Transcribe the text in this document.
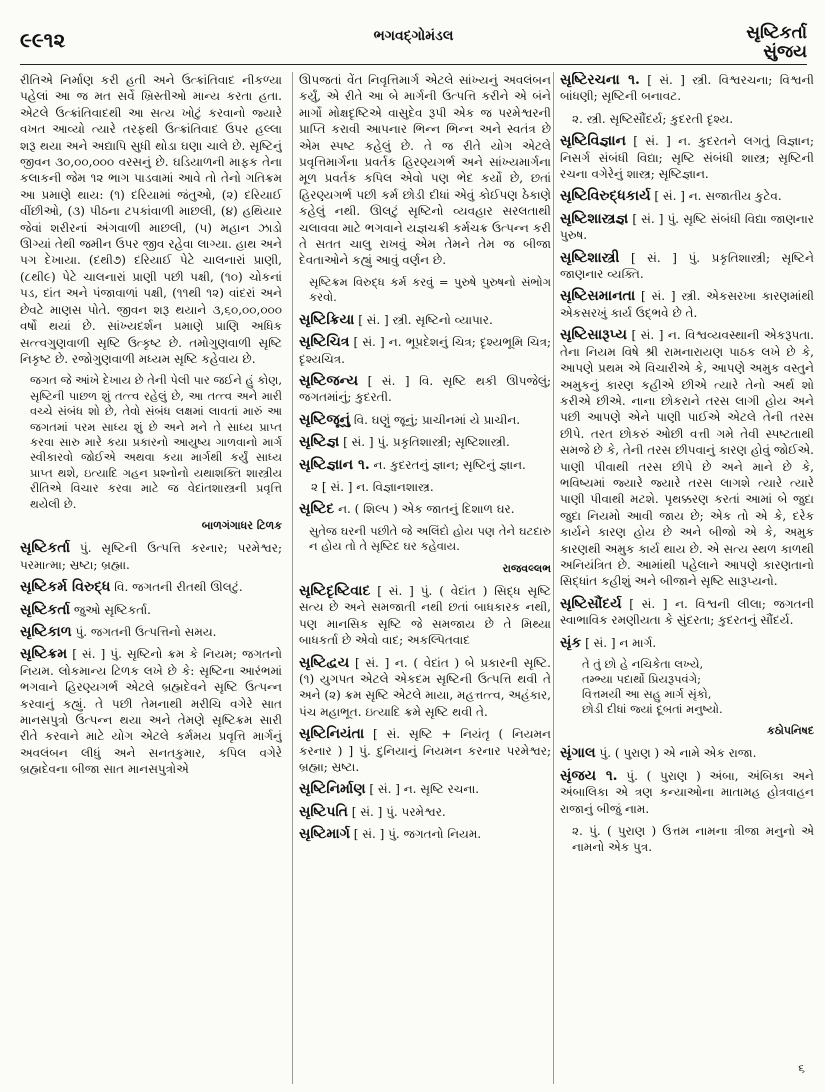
૯૯૧૨	ભગવદ્ગોમંડલ	સૃષ્ટિકર્તા
સુંજય

રીતિએ નિર્માણ કરી હતી અને ઉત્ક્રાંતિવાદ નીકળ્યા પહેલાં આ જ મત સર્વે ખ્રિસ્તીઓ માન્ય કરતા હતા. એટલે ઉત્ક્રાંતિવાદથી આ સત્ય ખોટું કરવાનો જ્યારે વખત આવ્યો ત્યારે તરફથી ઉત્ક્રાંતિવાદ ઉપર હલ્લા શરૂ થયા અને અદ્યાપિ સુધી થોડા ઘણા ચાલે છે. સૃષ્ટિનું જીવન ૩૦,૦૦,૦૦૦ વરસનું છે. ઘડિયાળની માફક તેના કલાકની જેમ ૧૨ ભાગ પાડવામાં આવે તો તેનો ગતિક્રમ આ પ્રમાણે થાય: (૧) દરિયામાં જંતુઓ, (૨) દરિયાઈ વીંછીઓ, (૩) પીઠના ટપકાંવાળી માછલી, (૪) હથિયાર જેવાં શરીરનાં અંગવાળી માછલી, (૫) મહાન ઝાડો ઊગ્યાં તેથી જમીન ઉપર જીવ રહેવા લાગ્યા. હાથ અને પગ દેખાયા. (દથી૭) દરિયાઈ પેટે ચાલનારાં પ્રાણી, (૮થી૯) પેટે ચાલનારાં પ્રાણી પછી પક્ષી, (૧૦) ચોકનાં પડ, દાંત અને પંજાવાળાં પક્ષી, (૧૧થી ૧૨) વાંદરાં અને છેવટે માણસ પોતે. જીવન શરૂ થયાને ૩,૬૦,૦૦,૦૦૦ વર્ષો થયાં છે. સાંખ્યદર્શન પ્રમાણે પ્રાણિ અધિક સત્ત્વગુણવાળી સૃષ્ટિ ઉત્કૃષ્ટ છે. તમોગુણવાળી સૃષ્ટિ નિકૃષ્ટ છે. રજોગુણવાળી મધ્યમ સૃષ્ટિ કહેવાય છે.

જગત જે આંખે દેખાય છે તેની પેલી પાર જઈને હું કોણ, સૃષ્ટિની પાછળ શું તત્ત્વ રહેલું છે, આ તત્ત્વ અને મારી વચ્ચે સંબંધ શો છે, તેવો સંબંધ લક્ષમાં લાવતાં મારું આ જગતમાં પરમ સાધ્ય શું છે અને મને તે સાધ્ય પ્રાપ્ત કરવા સારુ મારે કયા પ્રકારનો આયુષ્ય ગાળવાનો માર્ગ સ્વીકારવો જોઈએ અથવા કયા માર્ગથી કર્યું સાધ્ય પ્રાપ્ત થશે, ઇત્યાદિ ગહન પ્રશ્નોનો યથાશક્તિ શાસ્ત્રીય રીતિએ વિચાર કરવા માટે જ વેદાંતશાસ્ત્રની પ્રવૃત્તિ થયેલી છે.

બાળગંગાધર ટિળક

સૃષ્ટિકર્તા પું. સૃષ્ટિની ઉત્પત્તિ કરનાર; પરમેશ્વર; પરમાત્મા; સ્રષ્ટા; બ્રહ્મા.

સૃષ્ટિકર્મ વિરુદ્ધ વિ. જગતની રીતથી ઊલટું.

સૃષ્ટિકર્તા જુઓ સૃષ્ટિકર્તા.

સૃષ્ટિકાળ પું. જગતની ઉત્પત્તિનો સમય.

સૃષ્ટિક્રમ [ સં. ] પું. સૃષ્ટિનો ક્રમ કે નિયમ; જગતનો નિયમ. લોકમાન્ય ટિળક લખે છે કે: સૃષ્ટિના આરંભમાં ભગવાને હિરણ્યગર્ભ એટલે બ્રહ્મદેવને સૃષ્ટિ ઉત્પન્ન કરવાનું કહ્યું. તે પછી તેમનાથી મરીચિ વગેરે સાત માનસપુત્રો ઉત્પન્ન થયા અને તેમણે સૃષ્ટિક્રમ સારી રીતે કરવાને માટે યોગ એટલે કર્મમય પ્રવૃત્તિ માર્ગનું અવલંબન લીધું અને સનતકુમાર, કપિલ વગેરે બ્રહ્મદેવના બીજા સાત માનસપુત્રોએ

ઊપજતાં વેંત નિવૃત્તિમાર્ગ એટલે સાંખ્યનું અવલંબન કર્યું, એ રીતે આ બે માર્ગની ઉત્પત્તિ કરીને એ બંને માર્ગો મોક્ષદૃષ્ટિએ વાસુદેવ રૂપી એક જ પરમેશ્વરની પ્રાપ્તિ કરાવી આપનાર ભિન્ન ભિન્ન અને સ્વતંત્ર છે એમ સ્પષ્ટ કહેલું છે. તે જ રીતે યોગ એટલે પ્રવૃત્તિમાર્ગના પ્રવર્તક હિરણ્યગર્ભ અને સાંખ્યમાર્ગના મૂળ પ્રવર્તક કપિલ એવો પણ ભેદ કર્યો છે, છતાં હિરણ્યગર્ભ પછી કર્મ છોડી દીધાં એવું કોઈપણ ઠેકાણે કહેલું નથી. ઊલટું સૃષ્ટિનો વ્યવહાર સરલતાથી ચલાવવા માટે ભગવાને યજ્ઞચક્રી કર્મચક્ર ઉત્પન્ન કરી તે સતત ચાલુ રાખવું એમ તેમને તેમ જ બીજા દેવતાઓને કહ્યું આવું વર્ણન છે.

સૃષ્ટિક્રમ વિરુદ્ધ કર્મ કરવું = પુરુષે પુરુષનો સંભોગ કરવો.

સૃષ્ટિક્રિયા [ સં. ] સ્ત્રી. સૃષ્ટિનો વ્યાપાર.

સૃષ્ટિચિત્ર [ સં. ] ન. ભૂપ્રદેશનું ચિત્ર; દૃશ્યભૂમિ ચિત્ર; દૃશ્યચિત્ર.

સૃષ્ટિજન્ય [ સં. ] વિ. સૃષ્ટિ થકી ઊપજેલું; જગતમાંનું; કુદરતી.

સૃષ્ટિજૂનું વિ. ઘણું જૂનું; પ્રાચીનમાં યે પ્રાચીન.

સૃષ્ટિજ્ઞ [ સં. ] પું. પ્રકૃતિશાસ્ત્રી; સૃષ્ટિશાસ્ત્રી.

સૃષ્ટિજ્ઞાન ૧. ન. કુદરતનું જ્ઞાન; સૃષ્ટિનું જ્ઞાન.

૨ [ સં. ] ન. વિજ્ઞાનશાસ્ત્ર.

સૃષ્ટિદ ન. ( શિલ્પ ) એક જાતનું દિશાળ ઘર.

સુતેજ ઘરની પછીતે જે અલિંદો હોય પણ તેને ઘટદારુ ન હોય તો તે સૃષ્ટિદ ઘર કહેવાય.

રાજવલ્લભ

સૃષ્ટિદૃષ્ટિવાદ [ સં. ] પું. ( વેદાંત ) સિદ્ધ સૃષ્ટિ સત્ય છે અને સમજાતી નથી છતાં બાધકારક નથી, પણ માનસિક સૃષ્ટિ જે સમજાય છે તે મિથ્યા બાધકર્તા છે એવો વાદ; અકલ્પિતવાદ

સૃષ્ટિદ્વય [ સં. ] ન. ( વેદાંત ) બે પ્રકારની સૃષ્ટિ. (૧) યુગપત એટલે એકદમ સૃષ્ટિની ઉત્પત્તિ થવી તે અને (૨) ક્રમ સૃષ્ટિ એટલે માયા, મહત્તત્ત્વ, અહંકાર, પંચ મહાભૂત. ઇત્યાદિ ક્રમે સૃષ્ટિ થવી તે.

સૃષ્ટિનિયંતા [ સં. સૃષ્ટિ + નિયંતૃ ( નિયમન કરનાર ) ] પું. દુનિયાનું નિયમન કરનાર પરમેશ્વર; બ્રહ્મા; સ્રષ્ટા.

સૃષ્ટિનિર્માણ [ સં. ] ન. સૃષ્ટિ રચના.

સૃષ્ટિપતિ [ સં. ] પું. પરમેશ્વર.

સૃષ્ટિમાર્ગ [ સં. ] પું. જગતનો નિયમ.

સૃષ્ટિરચના ૧. [ સં. ] સ્ત્રી. વિશ્વરચના; વિશ્વની બાંધણી; સૃષ્ટિની બનાવટ.

૨. સ્ત્રી. સૃષ્ટિસૌંદર્ય; કુદરતી દૃશ્ય.

સૃષ્ટિવિજ્ઞાન [ સં. ] ન. કુદરતને લગતું વિજ્ઞાન; નિસર્ગ સંબંધી વિદ્યા; સૃષ્ટિ સંબંધી શાસ્ત્ર; સૃષ્ટિની રચના વગેરેનું શાસ્ત્ર; સૃષ્ટિજ્ઞાન.

સૃષ્ટિવિરુદ્ધકાર્ય [ સં. ] ન. સજાતીય કુટેવ.

સૃષ્ટિશાસ્ત્રજ્ઞ [ સં. ] પું. સૃષ્ટિ સંબંધી વિદ્યા જાણનાર પુરુષ.

સૃષ્ટિશાસ્ત્રી [ સં. ] પું. પ્રકૃતિશાસ્ત્રી; સૃષ્ટિને જાણનાર વ્યક્તિ.

સૃષ્ટિસમાનતા [ સં. ] સ્ત્રી. એકસરખા કારણમાંથી એકસરખું કાર્ય ઉદ્ભવે છે તે.

સૃષ્ટિસારૂપ્ય [ સં. ] ન. વિશ્વવ્યવસ્થાની એકરૂપતા. તેના નિયમ વિષે શ્રી રામનારાયણ પાઠક લખે છે કે, આપણે પ્રથમ એ વિચારીએ કે, આપણે અમુક વસ્તુને અમુકનું કારણ કહીએ છીએ ત્યારે તેનો અર્થ શો કરીએ છીએ. નાના છોકરાને તરસ લાગી હોય અને પછી આપણે એને પાણી પાઈએ એટલે તેની તરસ છીપે. તરત છોકરું ઓછી વત્તી ગમે તેવી સ્પષ્ટતાથી સમજે છે કે, તેની તરસ છીપવાનું કારણ હોવું જોઈએ. પાણી પીવાથી તરસ છીપે છે અને માને છે કે, ભવિષ્યમાં જ્યારે જ્યારે તરસ લાગશે ત્યારે ત્યારે પાણી પીવાથી મટશે. પૃથક્કરણ કરતાં આમાં બે જુદા જુદા નિયમો આવી જાય છે; એક તો એ કે, દરેક કાર્યને કારણ હોય છે અને બીજો એ કે, અમુક કારણથી અમુક કાર્ય થાય છે. એ સત્ય સ્થળ કાળથી અનિયંત્રિત છે. આમાંથી પહેલાને આપણે કારણતાનો સિદ્ધાંત કહીશું અને બીજાને સૃષ્ટિ સારૂપ્યનો.

સૃષ્ટિસૌંદર્ય [ સં. ] ન. વિશ્વની લીલા; જગતની સ્વાભાવિક રમણીયતા કે સુંદરતા; કુદરતનું સૌંદર્ય.

સૃંક [ સં. ] ન માર્ગ.

તે તું છો હે નચિકેતા લખ્યે,
તમ્ભ્યા પદાર્થો પ્રિયરૂપવંગે;
વિત્તમયી આ સહુ માર્ગ સૃંકો,
છોડી દીધાં જ્યાં દૂબતાં મનુષ્યો.

કઠોપનિષદ

સૃંગાલ પું. ( પુરાણ ) એ નામે એક રાજા.

સૃંજય ૧. પું. ( પુરાણ ) અંબા, અંબિકા અને અંબાલિકા એ ત્રણ કન્યાઓના માતામહ હોત્રવાહન રાજાનું બીજું નામ.

૨. પું. ( પુરાણ ) ઉત્તમ નામના ત્રીજા મનુનો એ નામનો એક પુત્ર.

૬
